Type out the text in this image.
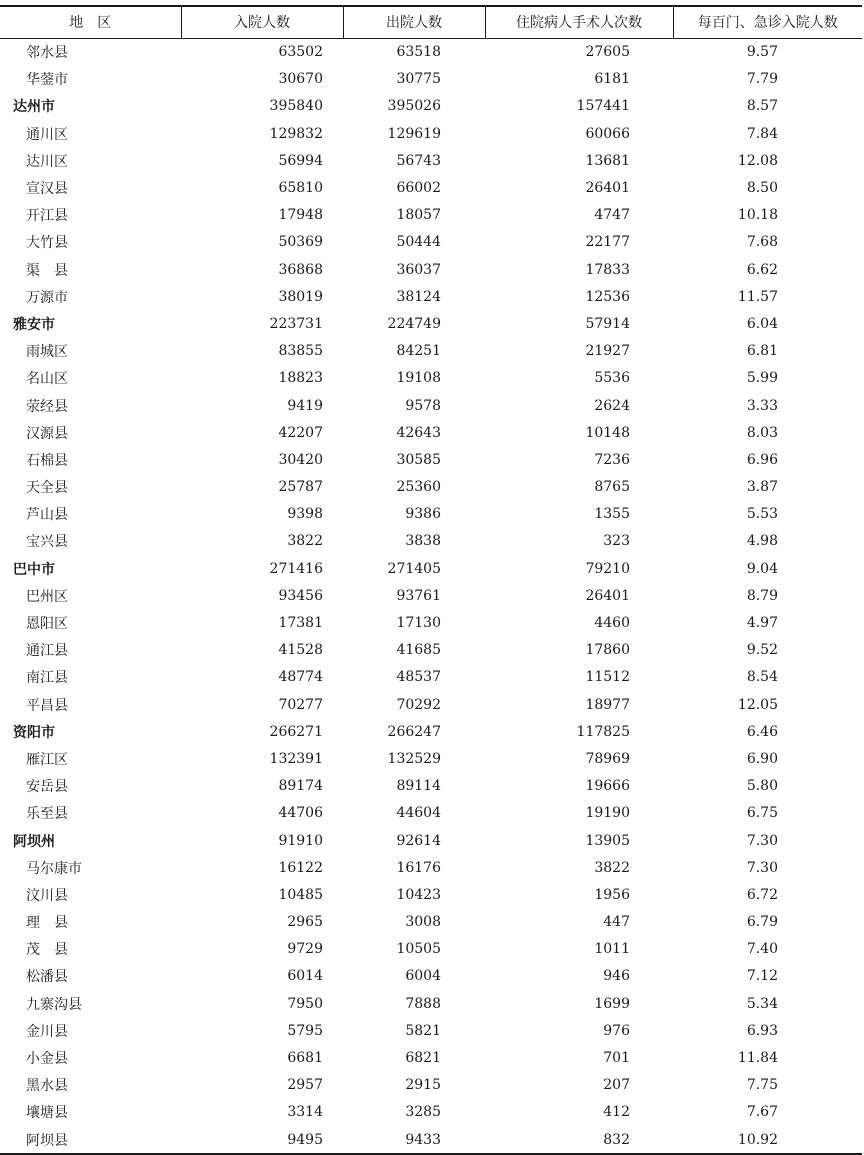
地　区	入院人数	出院人数	住院病人手术人次数	每百门、急诊入院人数
邻水县	63502	63518	27605	9.57
华蓥市	30670	30775	6181	7.79
达州市	395840	395026	157441	8.57
通川区	129832	129619	60066	7.84
达川区	56994	56743	13681	12.08
宣汉县	65810	66002	26401	8.50
开江县	17948	18057	4747	10.18
大竹县	50369	50444	22177	7.68
渠　县	36868	36037	17833	6.62
万源市	38019	38124	12536	11.57
雅安市	223731	224749	57914	6.04
雨城区	83855	84251	21927	6.81
名山区	18823	19108	5536	5.99
荥经县	9419	9578	2624	3.33
汉源县	42207	42643	10148	8.03
石棉县	30420	30585	7236	6.96
天全县	25787	25360	8765	3.87
芦山县	9398	9386	1355	5.53
宝兴县	3822	3838	323	4.98
巴中市	271416	271405	79210	9.04
巴州区	93456	93761	26401	8.79
恩阳区	17381	17130	4460	4.97
通江县	41528	41685	17860	9.52
南江县	48774	48537	11512	8.54
平昌县	70277	70292	18977	12.05
资阳市	266271	266247	117825	6.46
雁江区	132391	132529	78969	6.90
安岳县	89174	89114	19666	5.80
乐至县	44706	44604	19190	6.75
阿坝州	91910	92614	13905	7.30
马尔康市	16122	16176	3822	7.30
汶川县	10485	10423	1956	6.72
理　县	2965	3008	447	6.79
茂　县	9729	10505	1011	7.40
松潘县	6014	6004	946	7.12
九寨沟县	7950	7888	1699	5.34
金川县	5795	5821	976	6.93
小金县	6681	6821	701	11.84
黑水县	2957	2915	207	7.75
壤塘县	3314	3285	412	7.67
阿坝县	9495	9433	832	10.92
